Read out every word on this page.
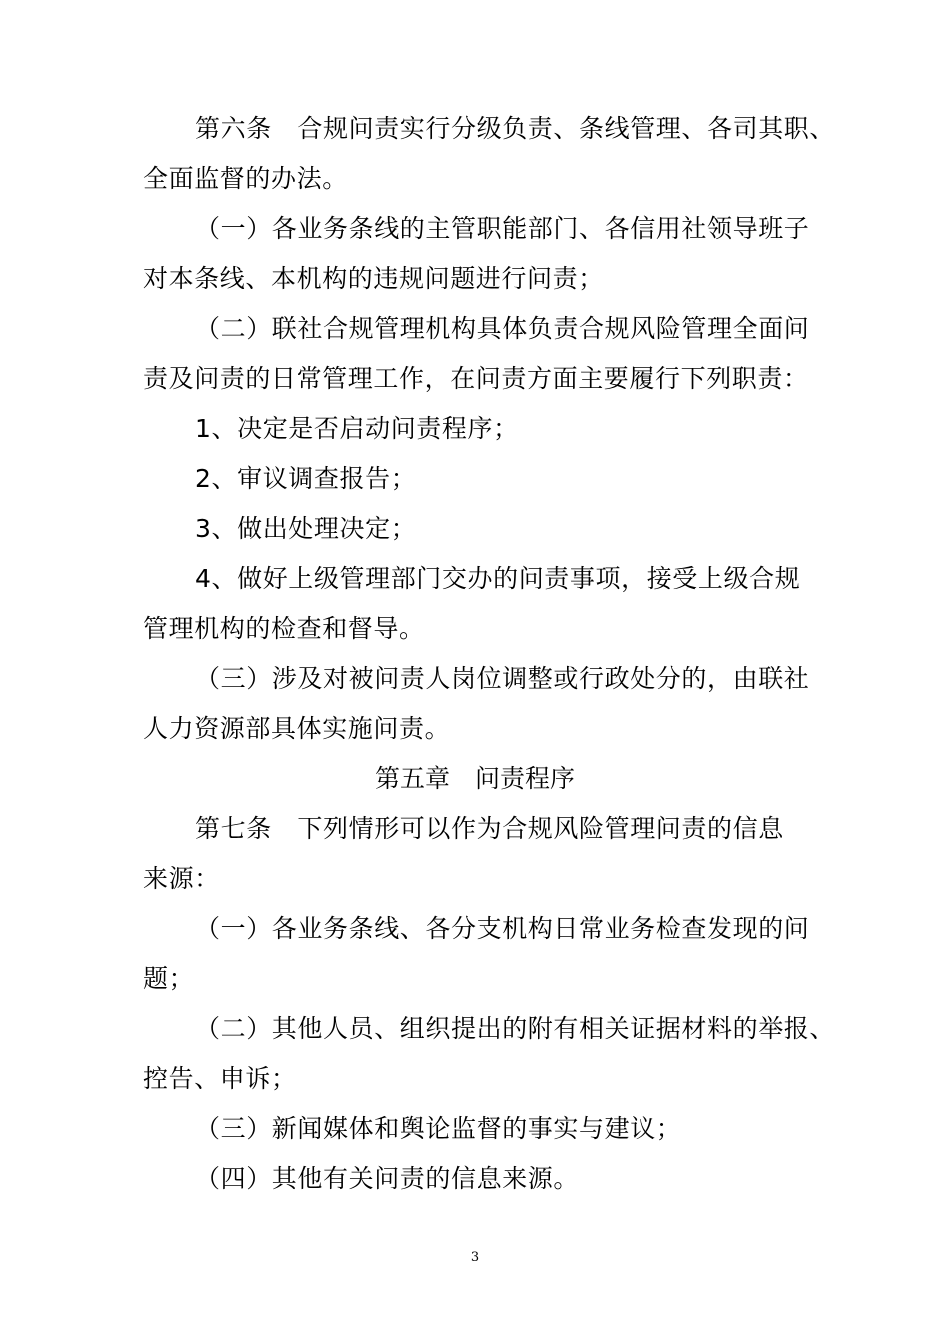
第六条　合规问责实行分级负责、条线管理、各司其职、
全面监督的办法。
（一）各业务条线的主管职能部门、各信用社领导班子
对本条线、本机构的违规问题进行问责；
（二）联社合规管理机构具体负责合规风险管理全面问
责及问责的日常管理工作，在问责方面主要履行下列职责：
1、决定是否启动问责程序；
2、审议调查报告；
3、做出处理决定；
4、做好上级管理部门交办的问责事项，接受上级合规
管理机构的检查和督导。
（三）涉及对被问责人岗位调整或行政处分的，由联社
人力资源部具体实施问责。
第五章　问责程序
第七条　下列情形可以作为合规风险管理问责的信息
来源：
（一）各业务条线、各分支机构日常业务检查发现的问
题；
（二）其他人员、组织提出的附有相关证据材料的举报、
控告、申诉；
（三）新闻媒体和舆论监督的事实与建议；
（四）其他有关问责的信息来源。
3
